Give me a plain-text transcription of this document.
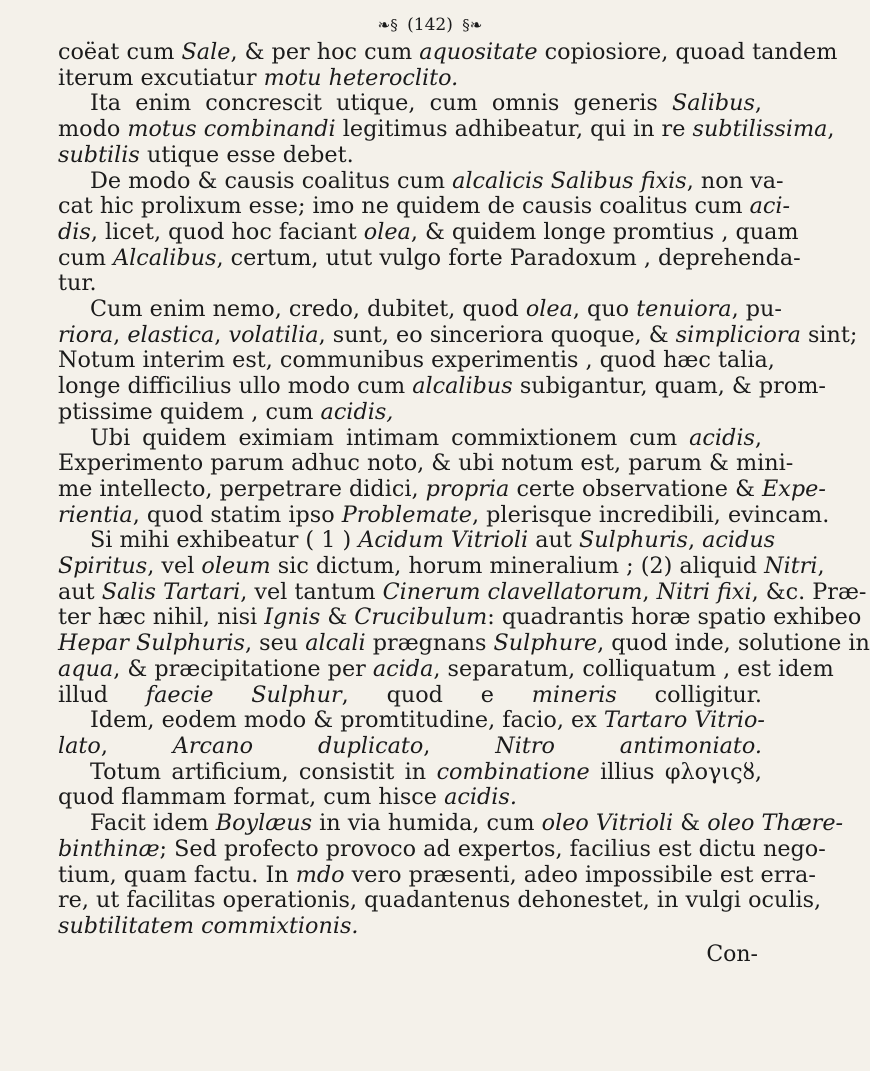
❧§ (142) §❧
coëat cum Sale, & per hoc cum aquositate copiosiore, quoad tandem
iterum excutiatur motu heteroclito.
Ita enim concrescit utique, cum omnis generis Salibus,
modo motus combinandi legitimus adhibeatur, qui in re subtilissima,
subtilis utique esse debet.
De modo & causis coalitus cum alcalicis Salibus fixis, non va-
cat hic prolixum esse; imo ne quidem de causis coalitus cum aci-
dis, licet, quod hoc faciant olea, & quidem longe promtius , quam
cum Alcalibus, certum, utut vulgo forte Paradoxum , deprehenda-
tur.
Cum enim nemo, credo, dubitet, quod olea, quo tenuiora, pu-
riora, elastica, volatilia, sunt, eo sinceriora quoque, & simpliciora sint;
Notum interim est, communibus experimentis , quod hæc talia,
longe difficilius ullo modo cum alcalibus subigantur, quam, & prom-
ptissime quidem , cum acidis,
Ubi quidem eximiam intimam commixtionem cum acidis,
Experimento parum adhuc noto, & ubi notum est, parum & mini-
me intellecto, perpetrare didici, propria certe observatione & Expe-
rientia, quod statim ipso Problemate, plerisque incredibili, evincam.
Si mihi exhibeatur ( 1 ) Acidum Vitrioli aut Sulphuris, acidus
Spiritus, vel oleum sic dictum, horum mineralium ; (2) aliquid Nitri,
aut Salis Tartari, vel tantum Cinerum clavellatorum, Nitri fixi, &c. Præ-
ter hæc nihil, nisi Ignis & Crucibulum: quadrantis horæ spatio exhibeo
Hepar Sulphuris, seu alcali prægnans Sulphure, quod inde, solutione in
aqua, & præcipitatione per acida, separatum, colliquatum , est idem
illud faecie Sulphur, quod e mineris colligitur.
Idem, eodem modo & promtitudine, facio, ex Tartaro Vitrio-
lato, Arcano duplicato, Nitro antimoniato.
Totum artificium, consistit in combinatione illius φλογιςȣ,
quod flammam format, cum hisce acidis.
Facit idem Boylæus in via humida, cum oleo Vitrioli & oleo Thære-
binthinæ; Sed profecto provoco ad expertos, facilius est dictu nego-
tium, quam factu. In mdo vero præsenti, adeo impossibile est erra-
re, ut facilitas operationis, quadantenus dehonestet, in vulgi oculis,
subtilitatem commixtionis.
Con-
